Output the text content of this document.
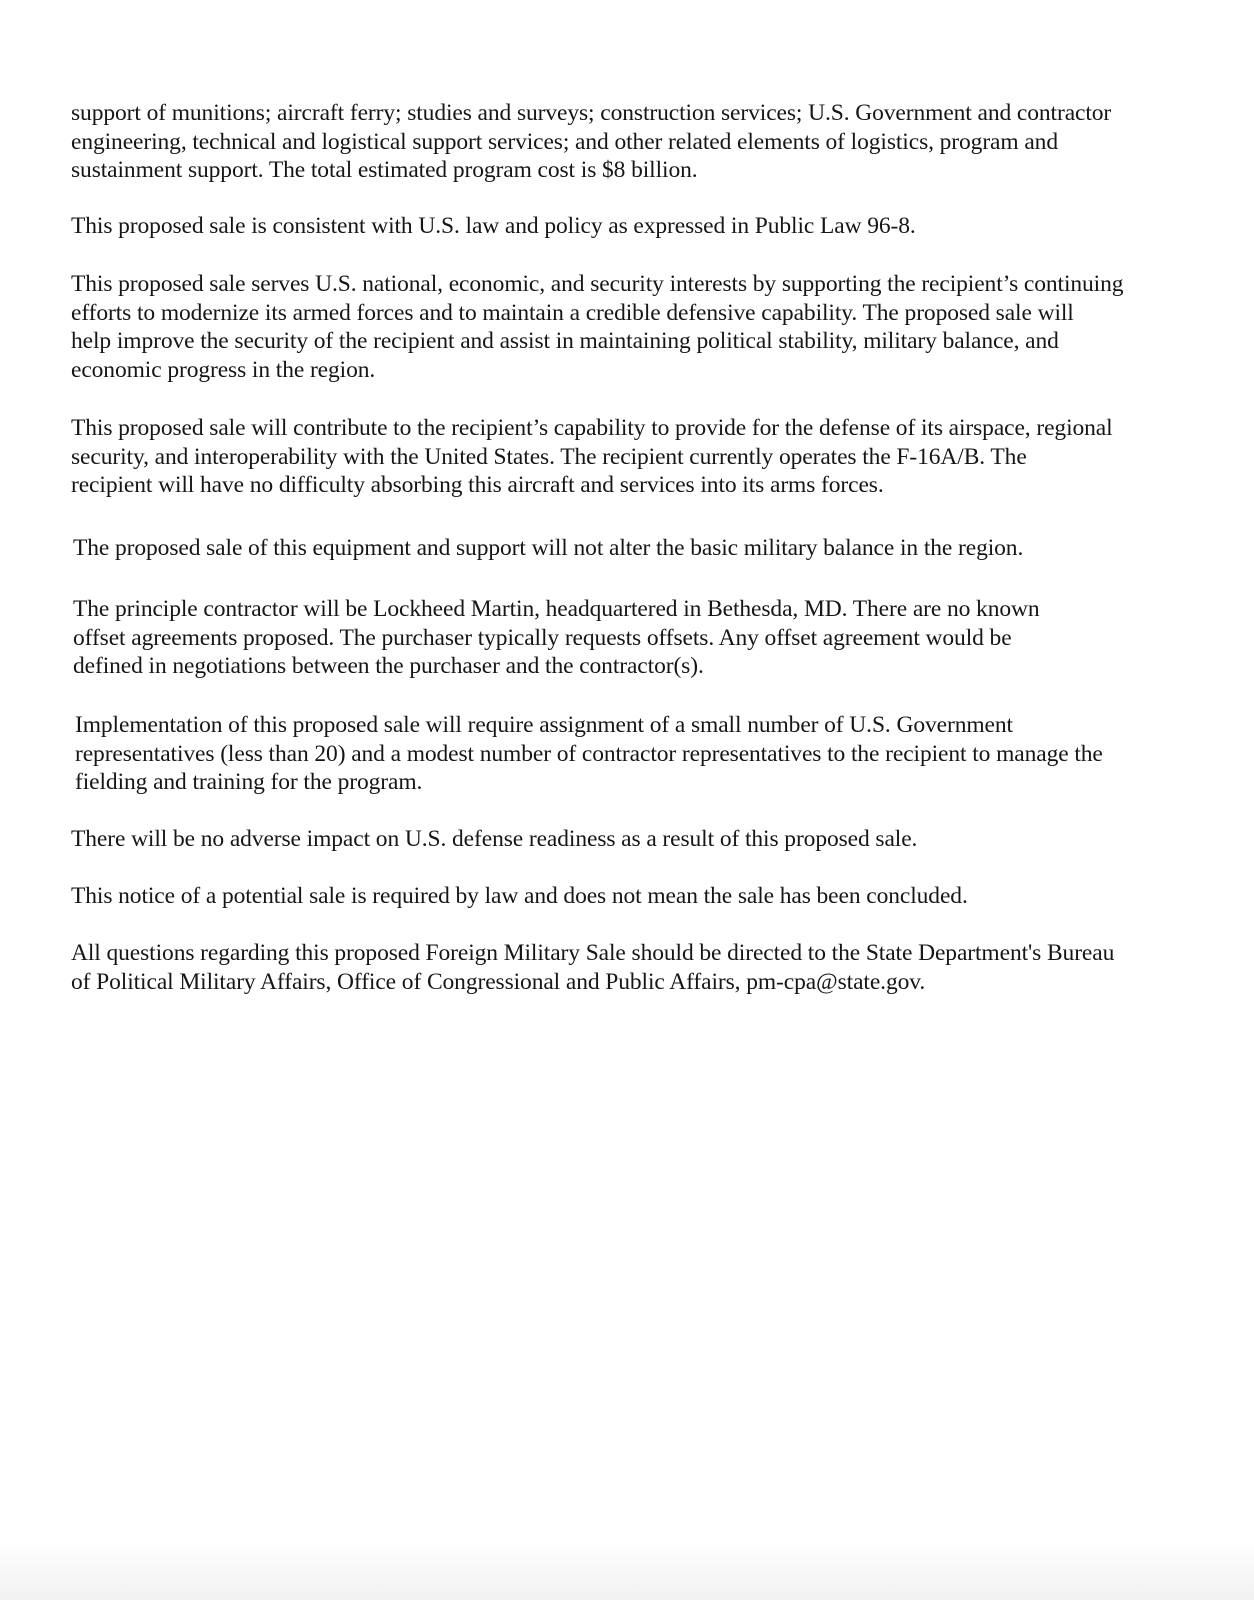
support of munitions; aircraft ferry; studies and surveys; construction services; U.S. Government and contractor
engineering, technical and logistical support services; and other related elements of logistics, program and
sustainment support. The total estimated program cost is $8 billion.

This proposed sale is consistent with U.S. law and policy as expressed in Public Law 96-8.

This proposed sale serves U.S. national, economic, and security interests by supporting the recipient’s continuing
efforts to modernize its armed forces and to maintain a credible defensive capability. The proposed sale will
help improve the security of the recipient and assist in maintaining political stability, military balance, and
economic progress in the region.

This proposed sale will contribute to the recipient’s capability to provide for the defense of its airspace, regional
security, and interoperability with the United States. The recipient currently operates the F-16A/B. The
recipient will have no difficulty absorbing this aircraft and services into its arms forces.

The proposed sale of this equipment and support will not alter the basic military balance in the region.

The principle contractor will be Lockheed Martin, headquartered in Bethesda, MD. There are no known
offset agreements proposed. The purchaser typically requests offsets. Any offset agreement would be
defined in negotiations between the purchaser and the contractor(s).

Implementation of this proposed sale will require assignment of a small number of U.S. Government
representatives (less than 20) and a modest number of contractor representatives to the recipient to manage the
fielding and training for the program.

There will be no adverse impact on U.S. defense readiness as a result of this proposed sale.

This notice of a potential sale is required by law and does not mean the sale has been concluded.

All questions regarding this proposed Foreign Military Sale should be directed to the State Department's Bureau
of Political Military Affairs, Office of Congressional and Public Affairs, pm-cpa@state.gov.
